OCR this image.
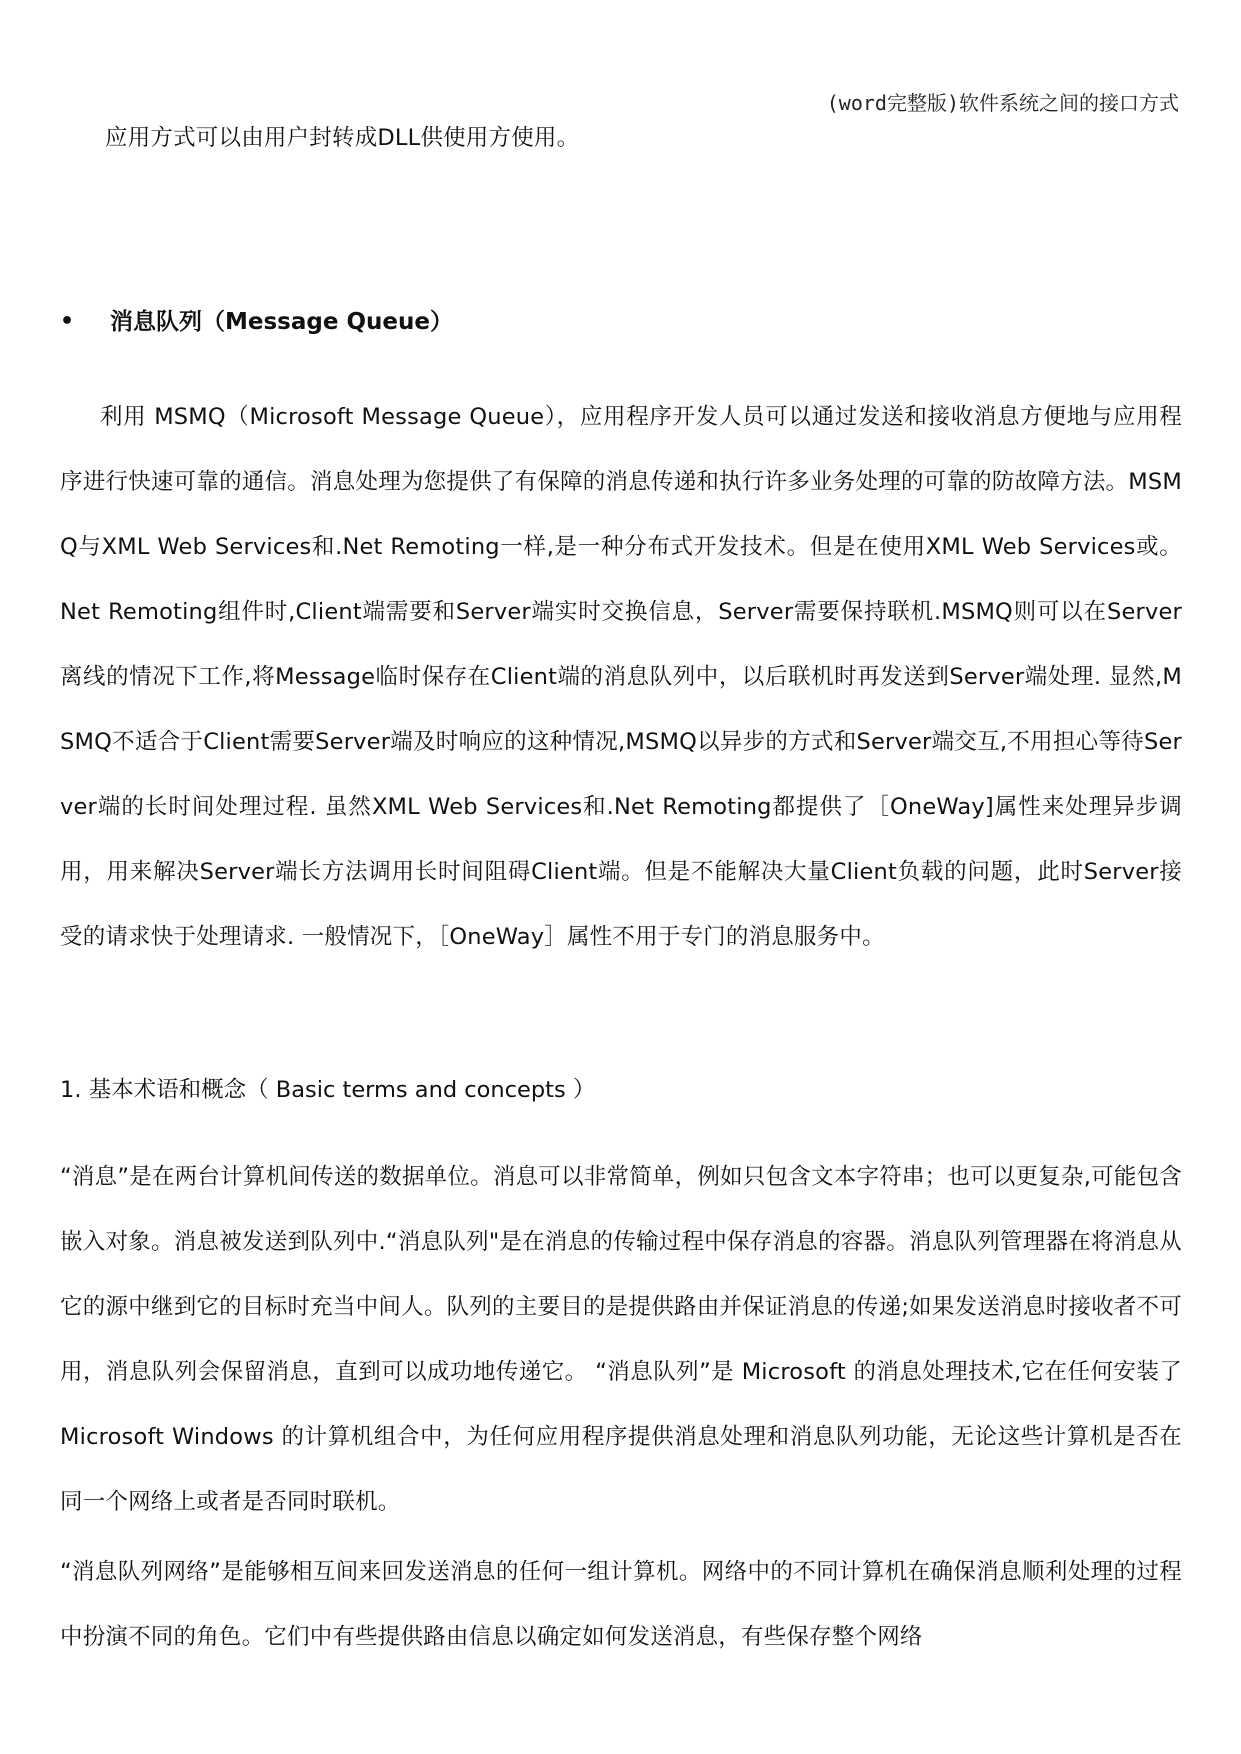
(word完整版)软件系统之间的接口方式
应用方式可以由用户封转成DLL供使用方使用。
•	消息队列（Message Queue）
利用 MSMQ（Microsoft Message Queue），应用程序开发人员可以通过发送和接收消息方便地与应用程序进行快速可靠的通信。消息处理为您提供了有保障的消息传递和执行许多业务处理的可靠的防故障方法。MSMQ与XML Web Services和.Net Remoting一样,是一种分布式开发技术。但是在使用XML Web Services或。Net Remoting组件时,Client端需要和Server端实时交换信息，Server需要保持联机.MSMQ则可以在Server离线的情况下工作,将Message临时保存在Client端的消息队列中，以后联机时再发送到Server端处理. 显然,MSMQ不适合于Client需要Server端及时响应的这种情况,MSMQ以异步的方式和Server端交互,不用担心等待Server端的长时间处理过程. 虽然XML Web Services和.Net Remoting都提供了［OneWay]属性来处理异步调用，用来解决Server端长方法调用长时间阻碍Client端。但是不能解决大量Client负载的问题，此时Server接受的请求快于处理请求. 一般情况下，［OneWay］属性不用于专门的消息服务中。
1. 基本术语和概念（ Basic terms and concepts ）
“消息”是在两台计算机间传送的数据单位。消息可以非常简单，例如只包含文本字符串；也可以更复杂,可能包含嵌入对象。消息被发送到队列中.“消息队列"是在消息的传输过程中保存消息的容器。消息队列管理器在将消息从它的源中继到它的目标时充当中间人。队列的主要目的是提供路由并保证消息的传递;如果发送消息时接收者不可用，消息队列会保留消息，直到可以成功地传递它。 “消息队列”是 Microsoft 的消息处理技术,它在任何安装了 Microsoft Windows 的计算机组合中，为任何应用程序提供消息处理和消息队列功能，无论这些计算机是否在同一个网络上或者是否同时联机。
“消息队列网络”是能够相互间来回发送消息的任何一组计算机。网络中的不同计算机在确保消息顺利处理的过程中扮演不同的角色。它们中有些提供路由信息以确定如何发送消息，有些保存整个网络
